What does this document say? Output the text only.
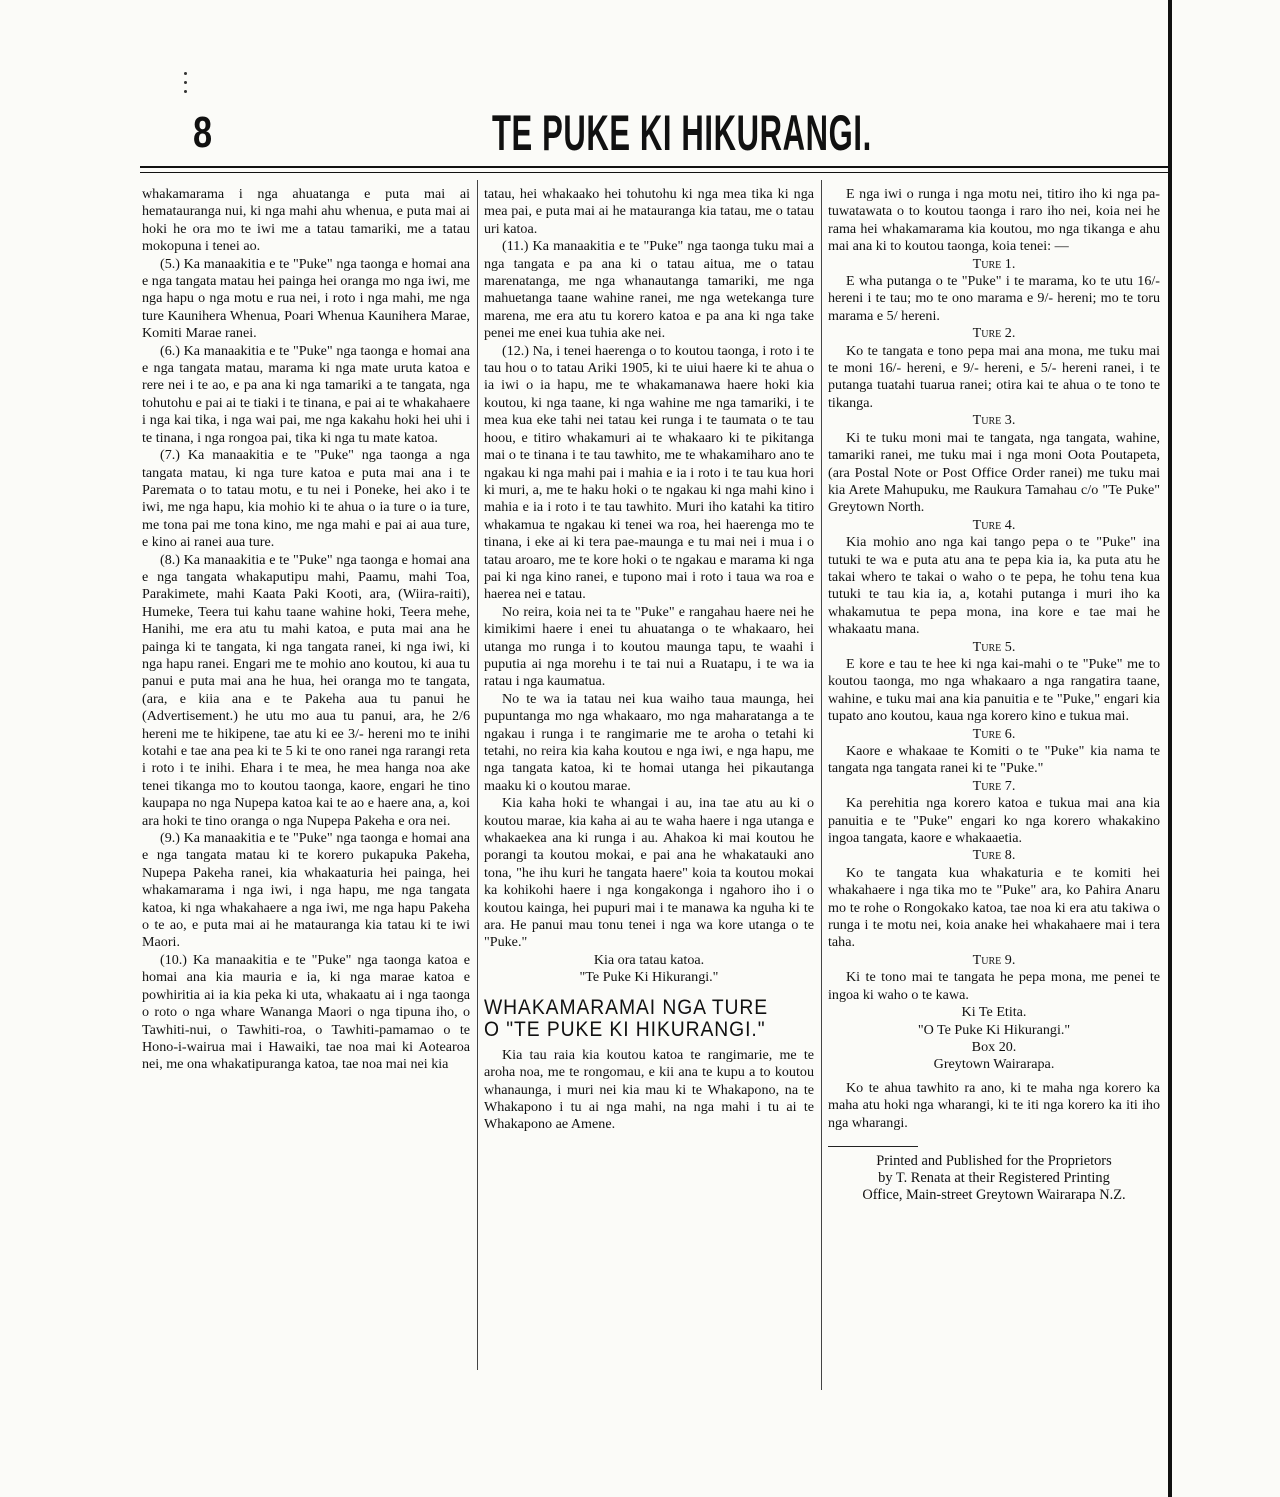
8	TE PUKE KI HIKURANGI.

whakamarama i nga ahuatanga e puta mai ai hematauranga nui, ki nga mahi ahu whenua, e puta mai ai hoki he ora mo te iwi me a tatau tamariki, me a tatau mokopuna i tenei ao.

(5.) Ka manaakitia e te "Puke" nga taonga e homai ana e nga tangata matau hei painga hei oranga mo nga iwi, me nga hapu o nga motu e rua nei, i roto i nga mahi, me nga ture Kaunihera Whenua, Poari Whenua Kaunihera Marae, Komiti Marae ranei.

(6.) Ka manaakitia e te "Puke" nga taonga e homai ana e nga tangata matau, marama ki nga mate uruta katoa e rere nei i te ao, e pa ana ki nga tamariki a te tangata, nga tohutohu e pai ai te tiaki i te tinana, e pai ai te whakahaere i nga kai tika, i nga wai pai, me nga kakahu hoki hei uhi i te tinana, i nga rongoa pai, tika ki nga tu mate katoa.

(7.) Ka manaakitia e te "Puke" nga taonga a nga tangata matau, ki nga ture katoa e puta mai ana i te Paremata o to tatau motu, e tu nei i Poneke, hei ako i te iwi, me nga hapu, kia mohio ki te ahua o ia ture o ia ture, me tona pai me tona kino, me nga mahi e pai ai aua ture, e kino ai ranei aua ture.

(8.) Ka manaakitia e te "Puke" nga taonga e homai ana e nga tangata whakaputipu mahi, Paamu, mahi Toa, Parakimete, mahi Kaata Paki Kooti, ara, (Wiira-raiti), Humeke, Teera tui kahu taane wahine hoki, Teera mehe, Hanihi, me era atu tu mahi katoa, e puta mai ana he painga ki te tangata, ki nga tangata ranei, ki nga iwi, ki nga hapu ranei. Engari me te mohio ano koutou, ki aua tu panui e puta mai ana he hua, hei oranga mo te tangata, (ara, e kiia ana e te Pakeha aua tu panui he (Advertisement.) he utu mo aua tu panui, ara, he 2/6 hereni me te hikipene, tae atu ki ee 3/- hereni mo te inihi kotahi e tae ana pea ki te 5 ki te ono ranei nga rarangi reta i roto i te inihi. Ehara i te mea, he mea hanga noa ake tenei tikanga mo to koutou taonga, kaore, engari he tino kaupapa no nga Nupepa katoa kai te ao e haere ana, a, koi ara hoki te tino oranga o nga Nupepa Pakeha e ora nei.

(9.) Ka manaakitia e te "Puke" nga taonga e homai ana e nga tangata matau ki te korero pukapuka Pakeha, Nupepa Pakeha ranei, kia whakaaturia hei painga, hei whakamarama i nga iwi, i nga hapu, me nga tangata katoa, ki nga whakahaere a nga iwi, me nga hapu Pakeha o te ao, e puta mai ai he matauranga kia tatau ki te iwi Maori.

(10.) Ka manaakitia e te "Puke" nga taonga katoa e homai ana kia mauria e ia, ki nga marae katoa e powhiritia ai ia kia peka ki uta, whakaatu ai i nga taonga o roto o nga whare Wananga Maori o nga tipuna iho, o Tawhiti-nui, o Tawhiti-roa, o Tawhiti-pamamao o te Hono-i-wairua mai i Hawaiki, tae noa mai ki Aotearoa nei, me ona whakatipuranga katoa, tae noa mai nei kia

tatau, hei whakaako hei tohutohu ki nga mea tika ki nga mea pai, e puta mai ai he matauranga kia tatau, me o tatau uri katoa.

(11.) Ka manaakitia e te "Puke" nga taonga tuku mai a nga tangata e pa ana ki o tatau aitua, me o tatau marenatanga, me nga whanautanga tamariki, me nga mahuetanga taane wahine ranei, me nga wetekanga ture marena, me era atu tu korero katoa e pa ana ki nga take penei me enei kua tuhia ake nei.

(12.) Na, i tenei haerenga o to koutou taonga, i roto i te tau hou o to tatau Ariki 1905, ki te uiui haere ki te ahua o ia iwi o ia hapu, me te whakamanawa haere hoki kia koutou, ki nga taane, ki nga wahine me nga tamariki, i te mea kua eke tahi nei tatau kei runga i te taumata o te tau hoou, e titiro whakamuri ai te whakaaro ki te pikitanga mai o te tinana i te tau tawhito, me te whakamiharo ano te ngakau ki nga mahi pai i mahia e ia i roto i te tau kua hori ki muri, a, me te haku hoki o te ngakau ki nga mahi kino i mahia e ia i roto i te tau tawhito. Muri iho katahi ka titiro whakamua te ngakau ki tenei wa roa, hei haerenga mo te tinana, i eke ai ki tera pae-maunga e tu mai nei i mua i o tatau aroaro, me te kore hoki o te ngakau e marama ki nga pai ki nga kino ranei, e tupono mai i roto i taua wa roa e haerea nei e tatau.

No reira, koia nei ta te "Puke" e rangahau haere nei he kimikimi haere i enei tu ahuatanga o te whakaaro, hei utanga mo runga i to koutou maunga tapu, te waahi i puputia ai nga morehu i te tai nui a Ruatapu, i te wa ia ratau i nga kaumatua.

No te wa ia tatau nei kua waiho taua maunga, hei pupuntanga mo nga whakaaro, mo nga maharatanga a te ngakau i runga i te rangimarie me te aroha o tetahi ki tetahi, no reira kia kaha koutou e nga iwi, e nga hapu, me nga tangata katoa, ki te homai utanga hei pikautanga maaku ki o koutou marae.

Kia kaha hoki te whangai i au, ina tae atu au ki o koutou marae, kia kaha ai au te waha haere i nga utanga e whakaekea ana ki runga i au. Ahakoa ki mai koutou he porangi ta koutou mokai, e pai ana he whakatauki ano tona, "he ihu kuri he tangata haere" koia ta koutou mokai ka kohikohi haere i nga kongakonga i ngahoro iho i o koutou kainga, hei pupuri mai i te manawa ka nguha ki te ara. He panui mau tonu tenei i nga wa kore utanga o te "Puke."

Kia ora tatau katoa.

"Te Puke Ki Hikurangi."

WHAKAMARAMAI NGA TURE
O "TE PUKE KI HIKURANGI."

Kia tau raia kia koutou katoa te rangimarie, me te aroha noa, me te rongomau, e kii ana te kupu a to koutou whanaunga, i muri nei kia mau ki te Whakapono, na te Whakapono i tu ai nga mahi, na nga mahi i tu ai te Whakapono ae Amene.

E nga iwi o runga i nga motu nei, titiro iho ki nga pa-tuwatawata o to koutou taonga i raro iho nei, koia nei he rama hei whakamarama kia koutou, mo nga tikanga e ahu mai ana ki to koutou taonga, koia tenei: —

Ture 1.

E wha putanga o te "Puke" i te marama, ko te utu 16/- hereni i te tau; mo te ono marama e 9/- hereni; mo te toru marama e 5/ hereni.

Ture 2.

Ko te tangata e tono pepa mai ana mona, me tuku mai te moni 16/- hereni, e 9/- hereni, e 5/- hereni ranei, i te putanga tuatahi tuarua ranei; otira kai te ahua o te tono te tikanga.

Ture 3.

Ki te tuku moni mai te tangata, nga tangata, wahine, tamariki ranei, me tuku mai i nga moni Oota Poutapeta, (ara Postal Note or Post Office Order ranei) me tuku mai kia Arete Mahupuku, me Raukura Tamahau c/o "Te Puke" Greytown North.

Ture 4.

Kia mohio ano nga kai tango pepa o te "Puke" ina tutuki te wa e puta atu ana te pepa kia ia, ka puta atu he takai whero te takai o waho o te pepa, he tohu tena kua tutuki te tau kia ia, a, kotahi putanga i muri iho ka whakamutua te pepa mona, ina kore e tae mai he whakaatu mana.

Ture 5.

E kore e tau te hee ki nga kai-mahi o te "Puke" me to koutou taonga, mo nga whakaaro a nga rangatira taane, wahine, e tuku mai ana kia panuitia e te "Puke," engari kia tupato ano koutou, kaua nga korero kino e tukua mai.

Ture 6.

Kaore e whakaae te Komiti o te "Puke" kia nama te tangata nga tangata ranei ki te "Puke."

Ture 7.

Ka perehitia nga korero katoa e tukua mai ana kia panuitia e te "Puke" engari ko nga korero whakakino ingoa tangata, kaore e whakaaetia.

Ture 8.

Ko te tangata kua whakaturia e te komiti hei whakahaere i nga tika mo te "Puke" ara, ko Pahira Anaru mo te rohe o Rongokako katoa, tae noa ki era atu takiwa o runga i te motu nei, koia anake hei whakahaere mai i tera taha.

Ture 9.

Ki te tono mai te tangata he pepa mona, me penei te ingoa ki waho o te kawa.

Ki Te Etita.

"O Te Puke Ki Hikurangi."

Box 20.

Greytown Wairarapa.

Ko te ahua tawhito ra ano, ki te maha nga korero ka maha atu hoki nga wharangi, ki te iti nga korero ka iti iho nga wharangi.

Printed and Published for the Proprietors

by T. Renata at their Registered Printing

Office, Main-street Greytown Wairarapa N.Z.
